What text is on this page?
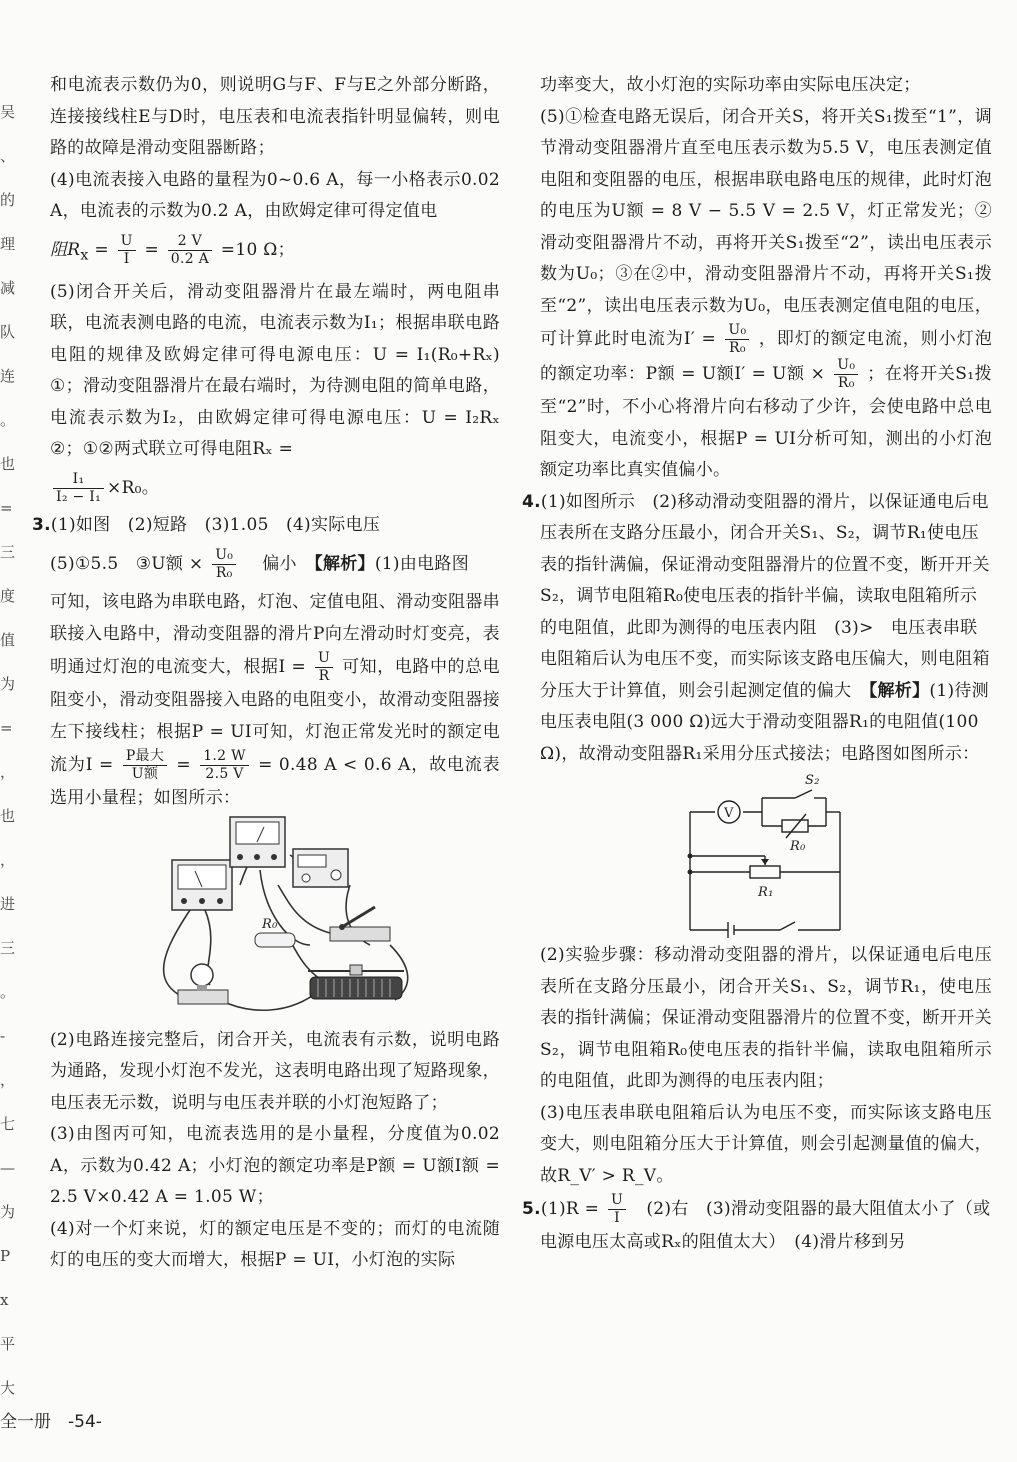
吴
、
的
理
减
队
连
。
也
=
三
度
值
为
=
，
也
，
进
三
。
-
，
七
—
为
P
x
平
大

和电流表示数仍为0，则说明G与F、F与E之外部分断路，连接接线柱E与D时，电压表和电流表指针明显偏转，则电路的故障是滑动变阻器断路；

(4)电流表接入电路的量程为0~0.6 A，每一小格表示0.02 A，电流表的示数为0.2 A，由欧姆定律可得定值电

阻$R_x = \frac{U}{I} = \frac{2 V}{0.2 A} =10$ Ω；

(5)闭合开关后，滑动变阻器滑片在最左端时，两电阻串联，电流表测电路的电流，电流表示数为I₁；根据串联电路电阻的规律及欧姆定律可得电源电压：U = I₁(R₀+Rₓ) ①；滑动变阻器滑片在最右端时，为待测电阻的简单电路，电流表示数为I₂，由欧姆定律可得电源电压：U = I₂Rₓ ②；①②两式联立可得电阻Rₓ =

$\frac{\text{I₁}}{\text{I₂ − I₁}} \times R_0$。

3.(1)如图　(2)短路　(3)1.05　(4)实际电压

(5)①5.5　③U额 × $\frac{\text{U₀}}{\text{R₀}}$ 　偏小　【解析】(1)由电路图

可知，该电路为串联电路，灯泡、定值电阻、滑动变阻器串联接入电路中，滑动变阻器的滑片P向左滑动时灯变亮，表明通过灯泡的电流变大，根据$I = \frac{U}{R}$ 可知，电路中的总电阻变小，滑动变阻器接入电路的电阻变小，故滑动变阻器接左下接线柱；根据P = UI可知，灯泡正常发光时的额定电流为$I = \frac{\text{P最大}}{\text{U额}} = \frac{1.2 W}{2.5 V} = 0.48$ A < 0.6 A，故电流表选用小量程；如图所示：

R₀

(2)电路连接完整后，闭合开关，电流表有示数，说明电路为通路，发现小灯泡不发光，这表明电路出现了短路现象，电压表无示数，说明与电压表并联的小灯泡短路了；

(3)由图丙可知，电流表选用的是小量程，分度值为0.02 A，示数为0.42 A；小灯泡的额定功率是P额 = U额I额 = 2.5 V×0.42 A = 1.05 W；

(4)对一个灯来说，灯的额定电压是不变的；而灯的电流随灯的电压的变大而增大，根据P = UI，小灯泡的实际

功率变大，故小灯泡的实际功率由实际电压决定；

(5)①检查电路无误后，闭合开关S，将开关S₁拨至“1”，调节滑动变阻器滑片直至电压表示数为5.5 V，电压表测定值电阻和变阻器的电压，根据串联电路电压的规律，此时灯泡的电压为U额 = 8 V − 5.5 V = 2.5 V，灯正常发光；②滑动变阻器滑片不动，再将开关S₁拨至“2”，读出电压表示数为U₀；③在②中，滑动变阻器滑片不动，再将开关S₁拨至“2”，读出电压表示数为U₀，电压表测定值电阻的电压，可计算此时电流为$I' = \frac{\text{U₀}}{\text{R₀}}$ ，即灯的额定电流，则小灯泡的额定功率：P额 = U额I′ = U额 × $\frac{\text{U₀}}{\text{R₀}}$ ；在将开关S₁拨至“2”时，不小心将滑片向右移动了少许，会使电路中总电阻变大，电流变小，根据P = UI分析可知，测出的小灯泡额定功率比真实值偏小。

4.(1)如图所示　(2)移动滑动变阻器的滑片，以保证通电后电压表所在支路分压最小，闭合开关S₁、S₂，调节R₁使电压表的指针满偏，保证滑动变阻器滑片的位置不变，断开开关S₂，调节电阻箱R₀使电压表的指针半偏，读取电阻箱所示的电阻值，此即为测得的电压表内阻　(3)>　电压表串联电阻箱后认为电压不变，而实际该支路电压偏大，则电阻箱分压大于计算值，则会引起测定值的偏大　【解析】(1)待测电压表电阻(3 000 Ω)远大于滑动变阻器R₁的电阻值(100 Ω)，故滑动变阻器R₁采用分压式接法；电路图如图所示：

V
S₂
R₀
R₁

(2)实验步骤：移动滑动变阻器的滑片，以保证通电后电压表所在支路分压最小，闭合开关S₁、S₂，调节R₁，使电压表的指针满偏；保证滑动变阻器滑片的位置不变，断开开关S₂，调节电阻箱R₀使电压表的指针半偏，读取电阻箱所示的电阻值，此即为测得的电压表内阻；

(3)电压表串联电阻箱后认为电压不变，而实际该支路电压变大，则电阻箱分压大于计算值，则会引起测量值的偏大，故R_V′ > R_V。

$5.(1)R = \frac{U}{I}$ 　(2)右　(3)滑动变阻器的最大阻值太小了（或电源电压太高或Rₓ的阻值太大）　(4)滑片移到另

全一册　-54-
